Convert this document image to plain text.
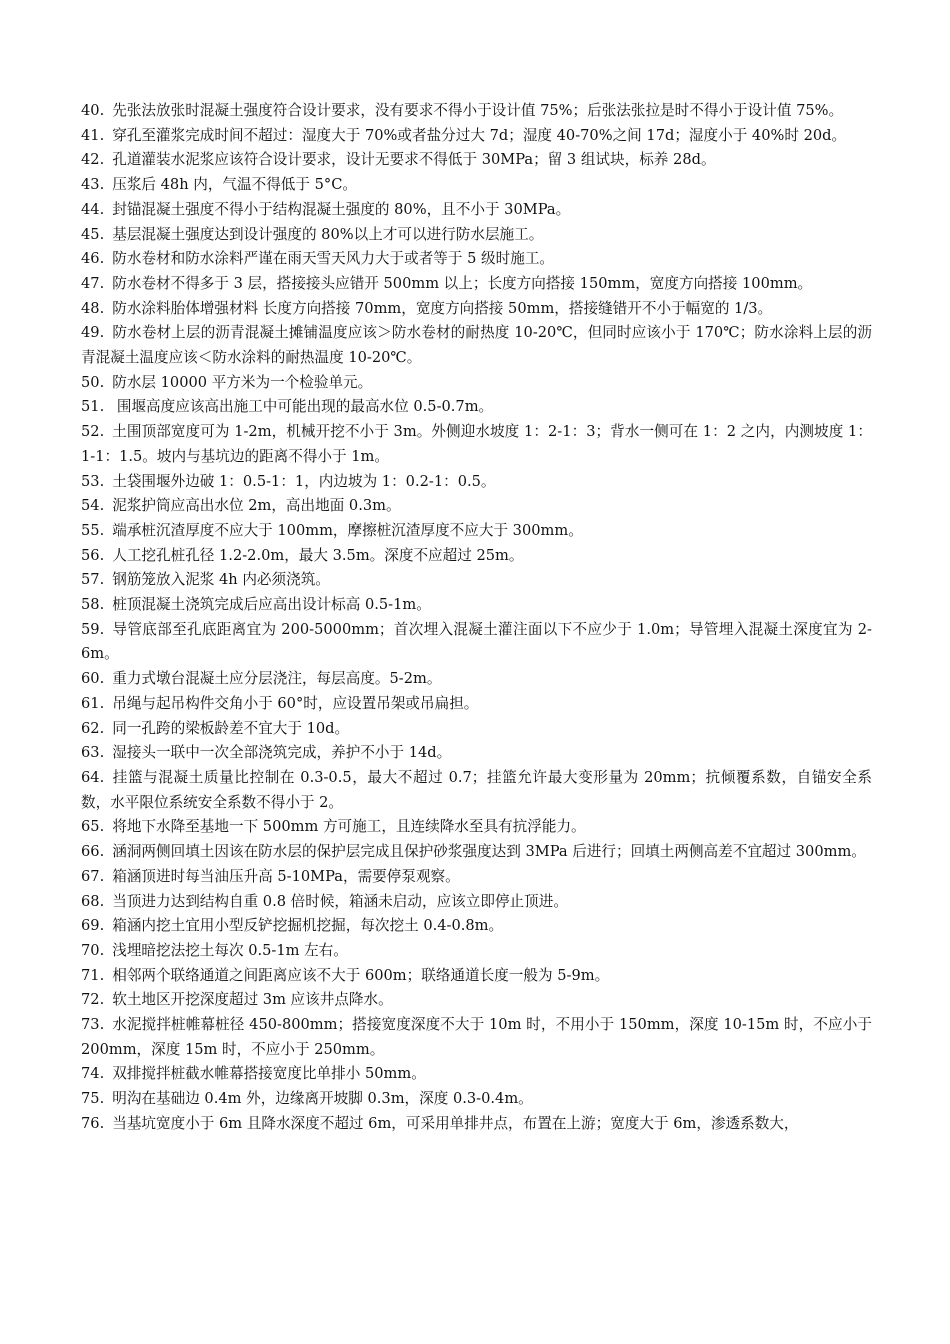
40. 先张法放张时混凝土强度符合设计要求，没有要求不得小于设计值 75%；后张法张拉是时不得小于设计值 75%。

41. 穿孔至灌浆完成时间不超过：湿度大于 70%或者盐分过大 7d；湿度 40-70%之间 17d；湿度小于 40%时 20d。

42. 孔道灌装水泥浆应该符合设计要求，设计无要求不得低于 30MPa；留 3 组试块，标养 28d。

43. 压浆后 48h 内，气温不得低于 5°C。

44. 封锚混凝土强度不得小于结构混凝土强度的 80%，且不小于 30MPa。

45. 基层混凝土强度达到设计强度的 80%以上才可以进行防水层施工。

46. 防水卷材和防水涂料严谨在雨天雪天风力大于或者等于 5 级时施工。

47. 防水卷材不得多于 3 层，搭接接头应错开 500mm 以上；长度方向搭接 150mm，宽度方向搭接 100mm。

48. 防水涂料胎体增强材料 长度方向搭接 70mm，宽度方向搭接 50mm，搭接缝错开不小于幅宽的 1/3。

49. 防水卷材上层的沥青混凝土摊铺温度应该＞防水卷材的耐热度 10-20℃，但同时应该小于 170℃；防水涂料上层的沥青混凝土温度应该＜防水涂料的耐热温度 10-20℃。

50. 防水层 10000 平方米为一个检验单元。

51. 围堰高度应该高出施工中可能出现的最高水位 0.5-0.7m。

52. 土围顶部宽度可为 1-2m，机械开挖不小于 3m。外侧迎水坡度 1：2-1：3；背水一侧可在 1：2 之内，内测坡度 1：1-1：1.5。坡内与基坑边的距离不得小于 1m。

53. 土袋围堰外边破 1：0.5-1：1，内边坡为 1：0.2-1：0.5。

54. 泥浆护筒应高出水位 2m，高出地面 0.3m。

55. 端承桩沉渣厚度不应大于 100mm，摩擦桩沉渣厚度不应大于 300mm。

56. 人工挖孔桩孔径 1.2-2.0m，最大 3.5m。深度不应超过 25m。

57. 钢筋笼放入泥浆 4h 内必须浇筑。

58. 桩顶混凝土浇筑完成后应高出设计标高 0.5-1m。

59. 导管底部至孔底距离宜为 200-5000mm；首次埋入混凝土灌注面以下不应少于 1.0m；导管埋入混凝土深度宜为 2-6m。

60. 重力式墩台混凝土应分层浇注，每层高度。5-2m。

61. 吊绳与起吊构件交角小于 60°时，应设置吊架或吊扁担。

62. 同一孔跨的梁板龄差不宜大于 10d。

63. 湿接头一联中一次全部浇筑完成，养护不小于 14d。

64. 挂篮与混凝土质量比控制在 0.3-0.5，最大不超过 0.7；挂篮允许最大变形量为 20mm；抗倾覆系数，自锚安全系数，水平限位系统安全系数不得小于 2。

65. 将地下水降至基地一下 500mm 方可施工，且连续降水至具有抗浮能力。

66. 涵洞两侧回填土因该在防水层的保护层完成且保护砂浆强度达到 3MPa 后进行；回填土两侧高差不宜超过 300mm。

67. 箱涵顶进时每当油压升高 5-10MPa，需要停泵观察。

68. 当顶进力达到结构自重 0.8 倍时候，箱涵未启动，应该立即停止顶进。

69. 箱涵内挖土宜用小型反铲挖掘机挖掘，每次挖土 0.4-0.8m。

70. 浅埋暗挖法挖土每次 0.5-1m 左右。

71. 相邻两个联络通道之间距离应该不大于 600m；联络通道长度一般为 5-9m。

72. 软土地区开挖深度超过 3m 应该井点降水。

73. 水泥搅拌桩帷幕桩径 450-800mm；搭接宽度深度不大于 10m 时，不用小于 150mm，深度 10-15m 时，不应小于 200mm，深度 15m 时，不应小于 250mm。

74. 双排搅拌桩截水帷幕搭接宽度比单排小 50mm。

75. 明沟在基础边 0.4m 外，边缘离开坡脚 0.3m，深度 0.3-0.4m。

76. 当基坑宽度小于 6m 且降水深度不超过 6m，可采用单排井点，布置在上游；宽度大于 6m，渗透系数大，
